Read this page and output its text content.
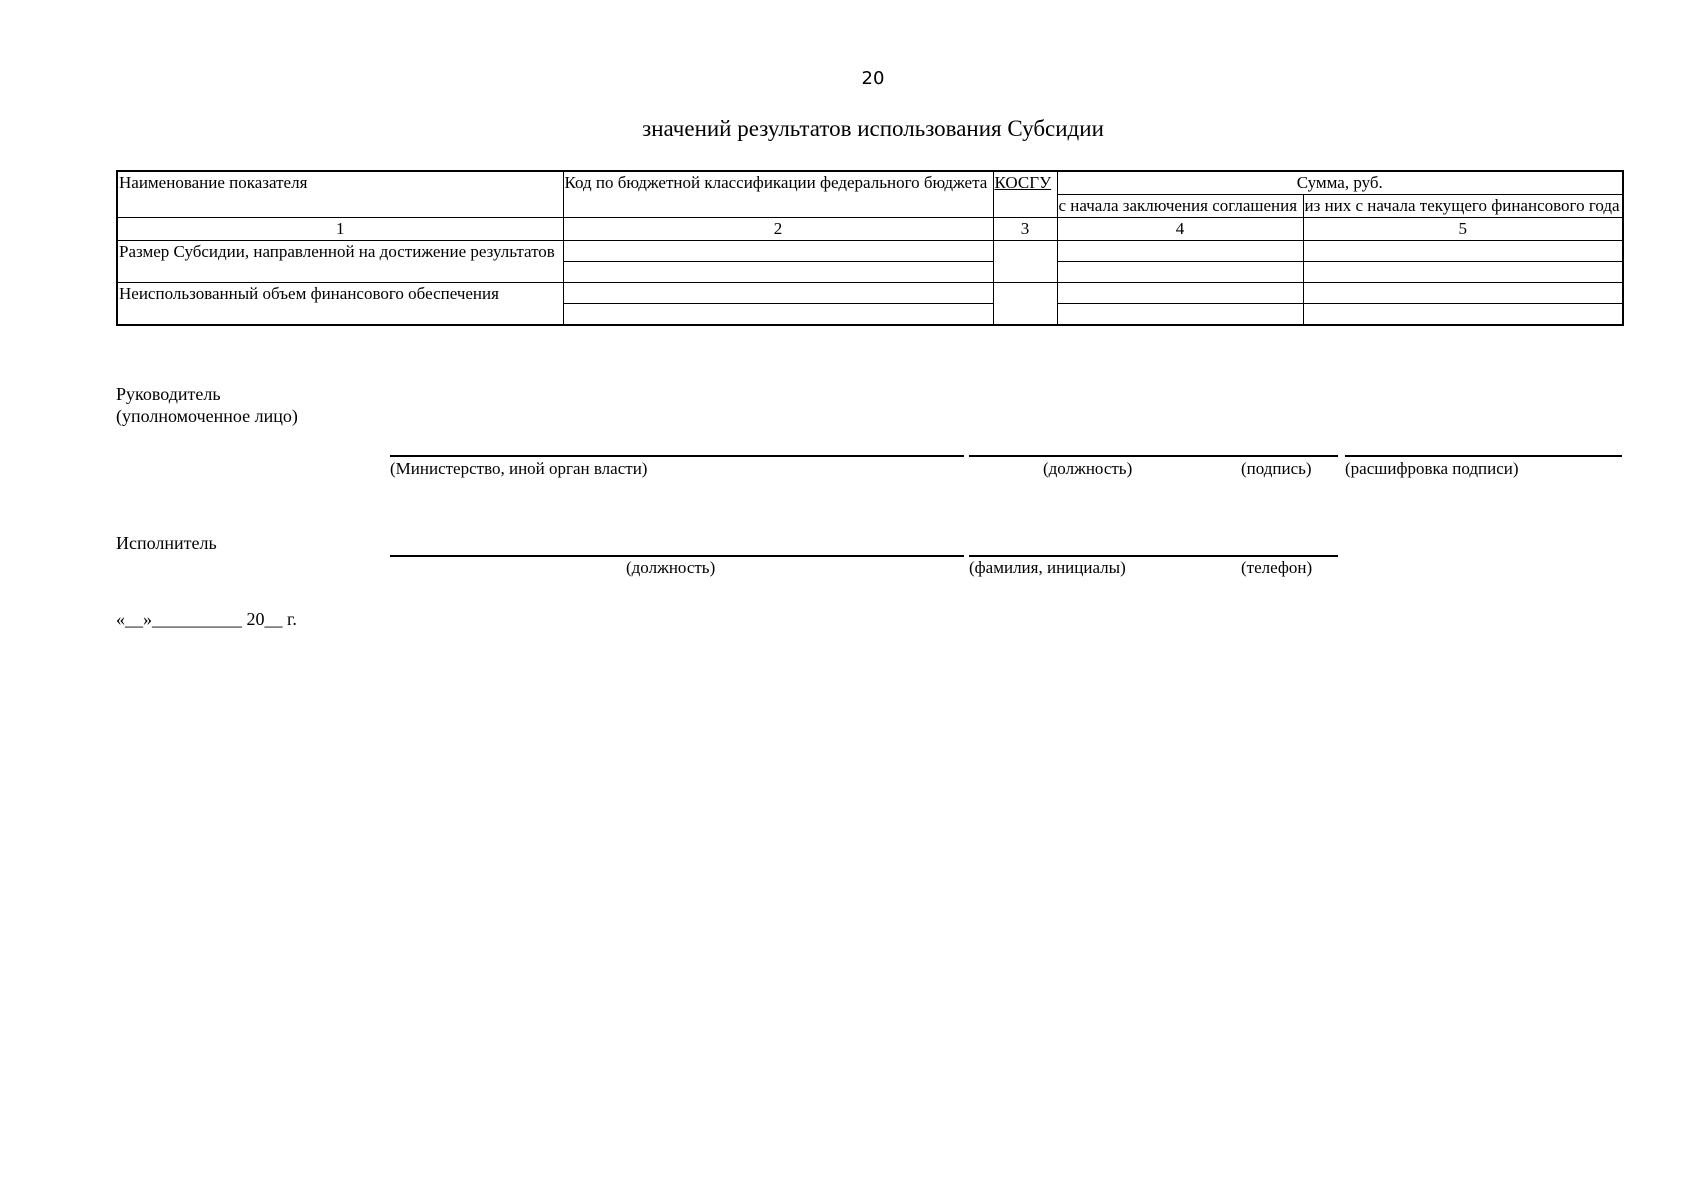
20
значений результатов использования Субсидии
Наименование показателя	Код по бюджетной классификации федерального бюджета	КОСГУ	Сумма, руб.	
			с начала заключения соглашения	из них с начала текущего финансового года
1	2	3	4	5
Размер Субсидии, направленной на достижение результатов				

Неиспользованный объем финансового обеспечения				

Руководитель
(уполномоченное лицо)
(Министерство, иной орган власти)	(должность)	(подпись) (расшифровка подписи)
Исполнитель
(должность)	(фамилия, инициалы)	(телефон)
«__»__________ 20__ г.
